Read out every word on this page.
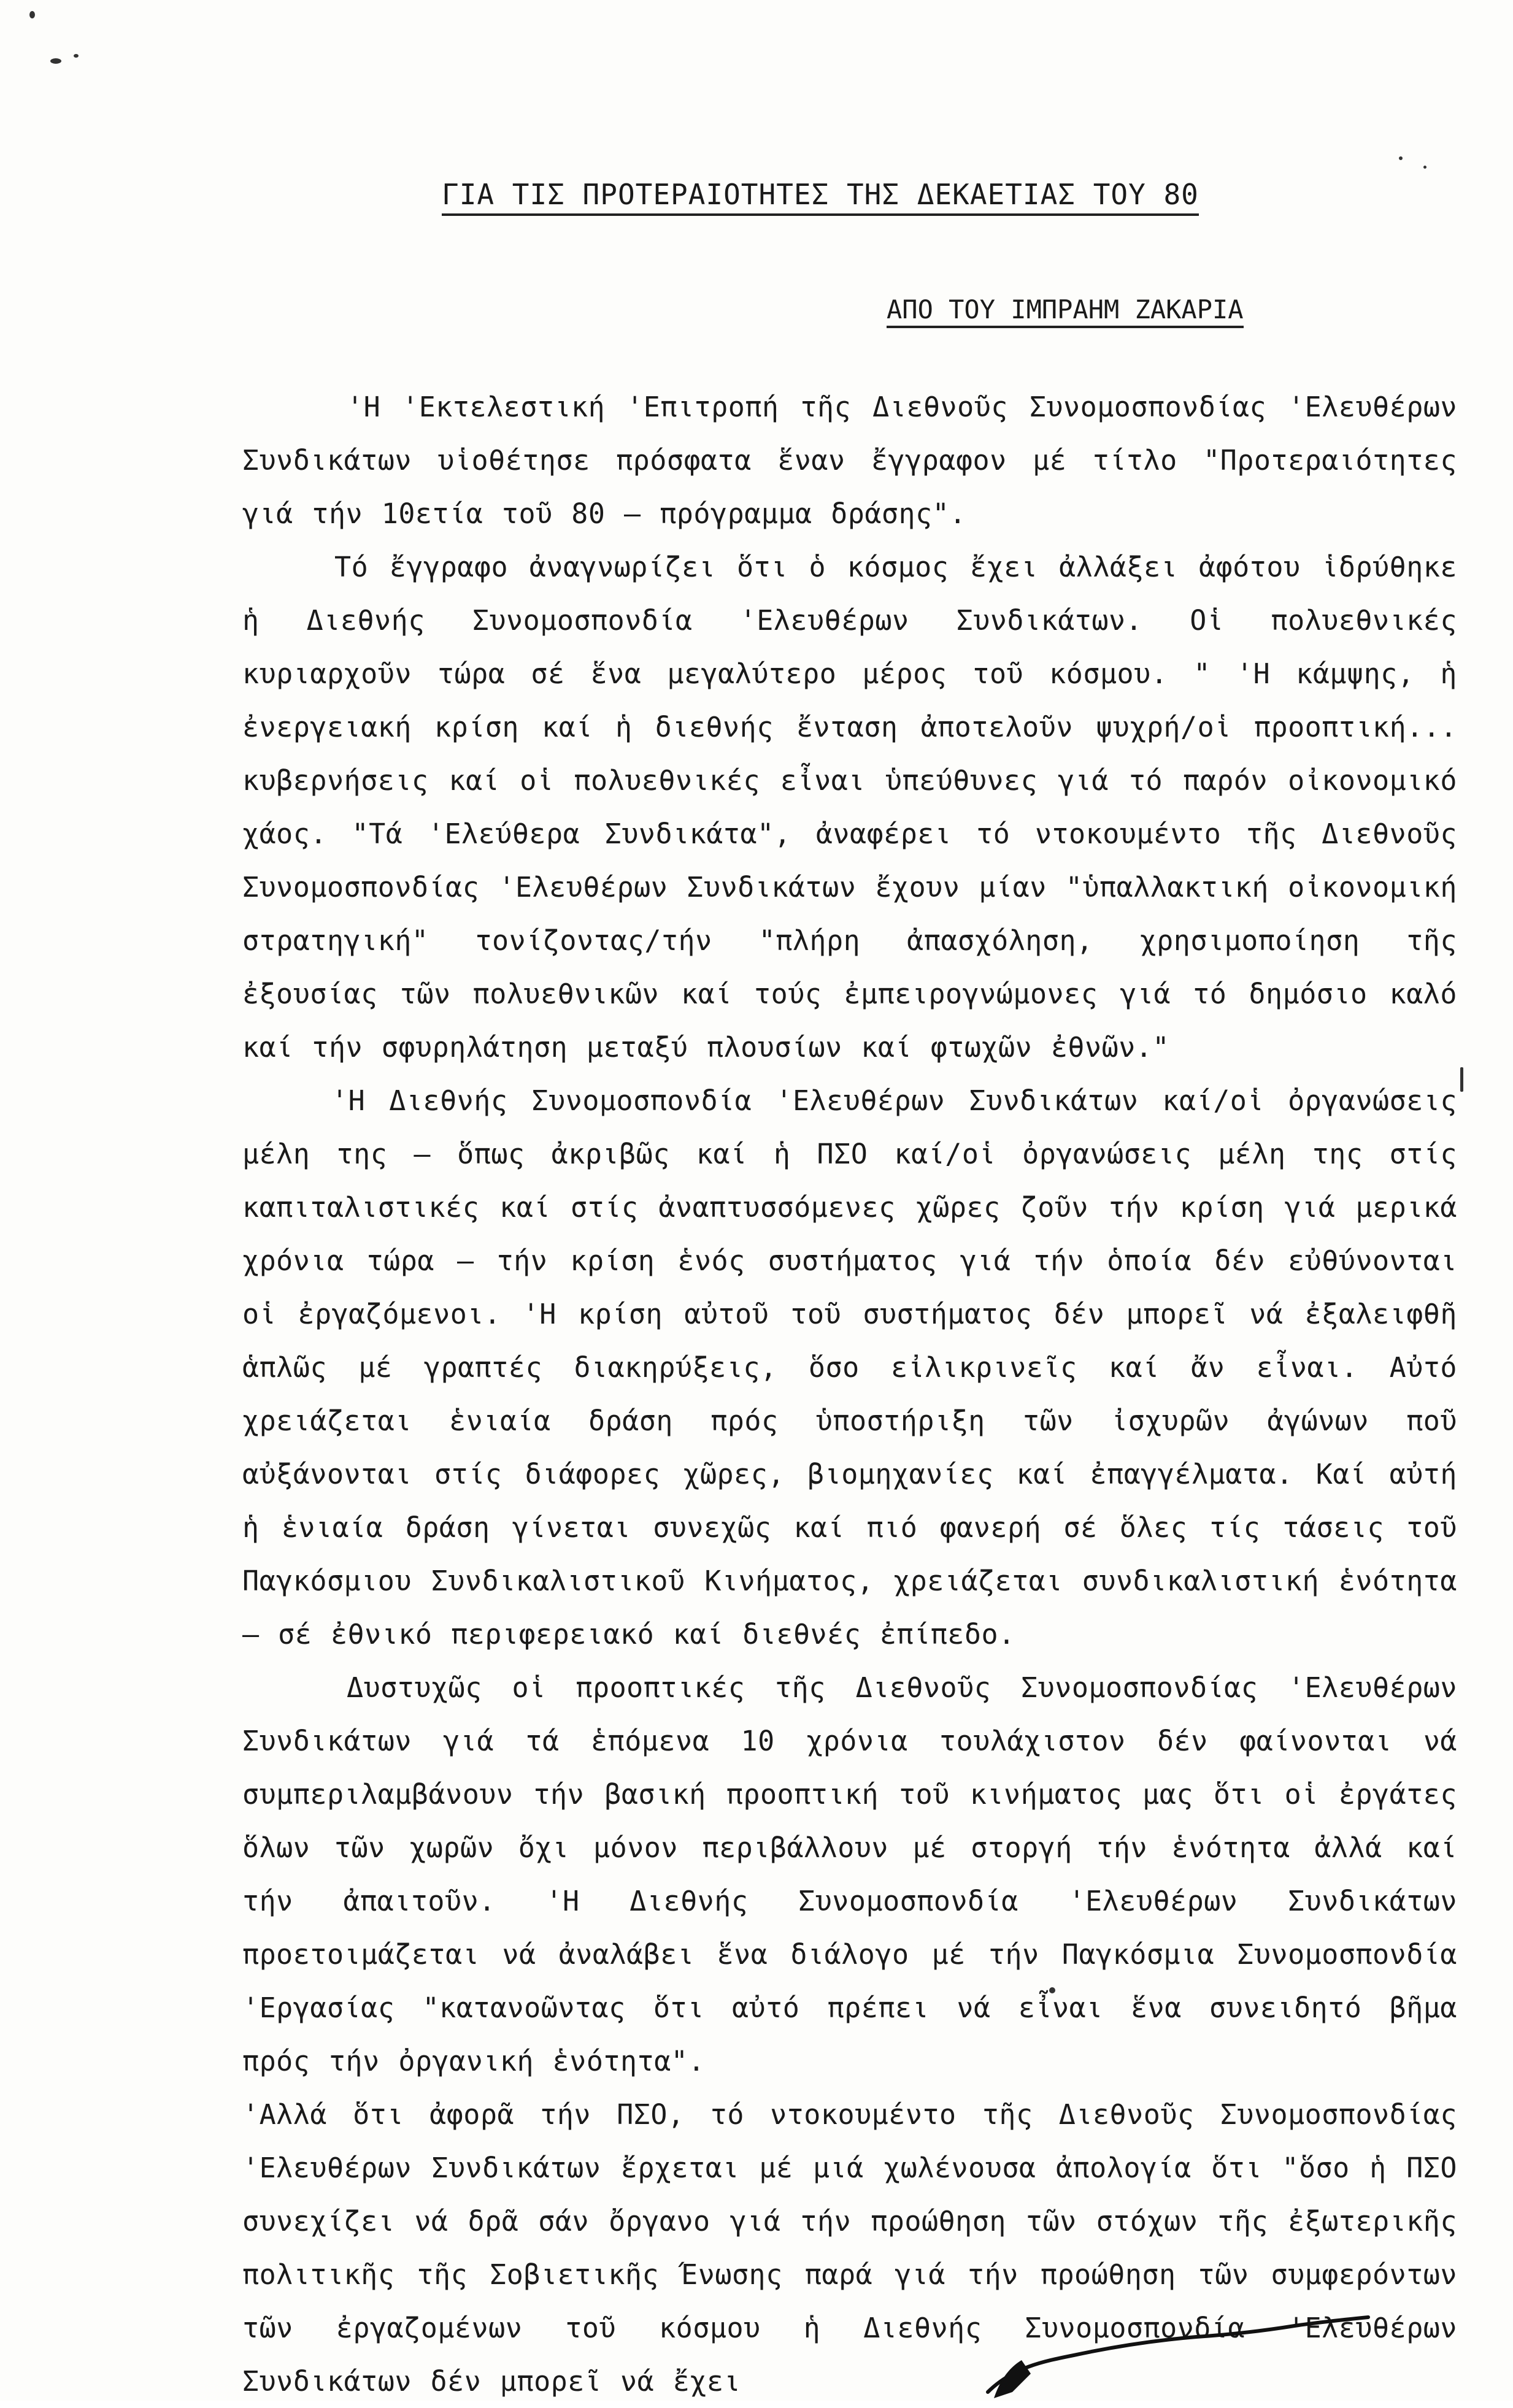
ΓΙΑ ΤΙΣ ΠΡΟΤΕΡΑΙΟΤΗΤΕΣ ΤΗΣ ΔΕΚΑΕΤΙΑΣ ΤΟΥ 80
ΑΠΟ ΤΟΥ ΙΜΠΡΑΗΜ ΖΑΚΑΡΙΑ

'Η 'Εκτελεστική 'Επιτροπή τῆς Διεθνοῦς Συνομοσπονδίας 'Ελευθέρων Συνδικάτων υἱοθέτησε πρόσφατα ἕναν ἔγγραφον μέ τίτλο "Προτεραιότητες γιά τήν 10ετία τοῦ 80 – πρόγραμμα δράσης".

Τό ἔγγραφο ἀναγνωρίζει ὅτι ὁ κόσμος ἔχει ἀλλάξει ἀφότου ἱδρύθηκε ἡ Διεθνής Συνομοσπονδία 'Ελευθέρων Συνδικάτων. Οἱ πολυεθνικές κυριαρχοῦν τώρα σέ ἕνα μεγαλύτερο μέρος τοῦ κόσμου. " 'Η κάμψης, ἡ ἐνεργειακή κρίση καί ἡ διεθνής ἔνταση ἀποτελοῦν ψυχρή/οἱ προοπτική... κυβερνήσεις καί οἱ πολυεθνικές εἶναι ὑπεύθυνες γιά τό παρόν οἰκονομικό χάος. "Τά 'Ελεύθερα Συνδικάτα", ἀναφέρει τό ντοκουμέντο τῆς Διεθνοῦς Συνομοσπονδίας 'Ελευθέρων Συνδικάτων ἔχουν μίαν "ὑπαλλακτική οἰκονομική στρατηγική" τονίζοντας/τήν "πλήρη ἀπασχόληση, χρησιμοποίηση τῆς ἐξουσίας τῶν πολυεθνικῶν καί τούς ἐμπειρογνώμονες γιά τό δημόσιο καλό καί τήν σφυρηλάτηση μεταξύ πλουσίων καί φτωχῶν ἐθνῶν."

'Η Διεθνής Συνομοσπονδία 'Ελευθέρων Συνδικάτων καί/οἱ ὀργανώσεις μέλη της – ὅπως ἀκριβῶς καί ἡ ΠΣΟ καί/οἱ ὀργανώσεις μέλη της στίς καπιταλιστικές καί στίς ἀναπτυσσόμενες χῶρες ζοῦν τήν κρίση γιά μερικά χρόνια τώρα – τήν κρίση ἑνός συστήματος γιά τήν ὁποία δέν εὐθύνονται οἱ ἐργαζόμενοι. 'Η κρίση αὐτοῦ τοῦ συστήματος δέν μπορεῖ νά ἐξαλειφθῆ ἁπλῶς μέ γραπτές διακηρύξεις, ὅσο εἰλικρινεῖς καί ἄν εἶναι. Αὐτό χρειάζεται ἑνιαία δράση πρός ὑποστήριξη τῶν ἰσχυρῶν ἀγώνων ποῦ αὐξάνονται στίς διάφορες χῶρες, βιομηχανίες καί ἐπαγγέλματα. Καί αὐτή ἡ ἑνιαία δράση γίνεται συνεχῶς καί πιό φανερή σέ ὅλες τίς τάσεις τοῦ Παγκόσμιου Συνδικαλιστικοῦ Κινήματος, χρειάζεται συνδικαλιστική ἑνότητα – σέ ἐθνικό περιφερειακό καί διεθνές ἐπίπεδο.

Δυστυχῶς οἱ προοπτικές τῆς Διεθνοῦς Συνομοσπονδίας 'Ελευθέρων Συνδικάτων γιά τά ἑπόμενα 10 χρόνια τουλάχιστον δέν φαίνονται νά συμπεριλαμβάνουν τήν βασική προοπτική τοῦ κινήματος μας ὅτι οἱ ἐργάτες ὅλων τῶν χωρῶν ὄχι μόνον περιβάλλουν μέ στοργή τήν ἑνότητα ἀλλά καί τήν ἀπαιτοῦν. 'Η Διεθνής Συνομοσπονδία 'Ελευθέρων Συνδικάτων προετοιμάζεται νά ἀναλάβει ἕνα διάλογο μέ τήν Παγκόσμια Συνομοσπονδία 'Εργασίας "κατανοῶντας ὅτι αὐτό πρέπει νά εἶναι ἕνα συνειδητό βῆμα πρός τήν ὀργανική ἑνότητα".

'Αλλά ὅτι ἀφορᾶ τήν ΠΣΟ, τό ντοκουμέντο τῆς Διεθνοῦς Συνομοσπονδίας 'Ελευθέρων Συνδικάτων ἔρχεται μέ μιά χωλένουσα ἀπολογία ὅτι "ὅσο ἡ ΠΣΟ συνεχίζει νά δρᾶ σάν ὄργανο γιά τήν προώθηση τῶν στόχων τῆς ἐξωτερικῆς πολιτικῆς τῆς Σοβιετικῆς Ένωσης παρά γιά τήν προώθηση τῶν συμφερόντων τῶν ἐργαζομένων τοῦ κόσμου ἡ Διεθνής Συνομοσπονδία 'Ελευθέρων Συνδικάτων δέν μπορεῖ νά ἔχει
